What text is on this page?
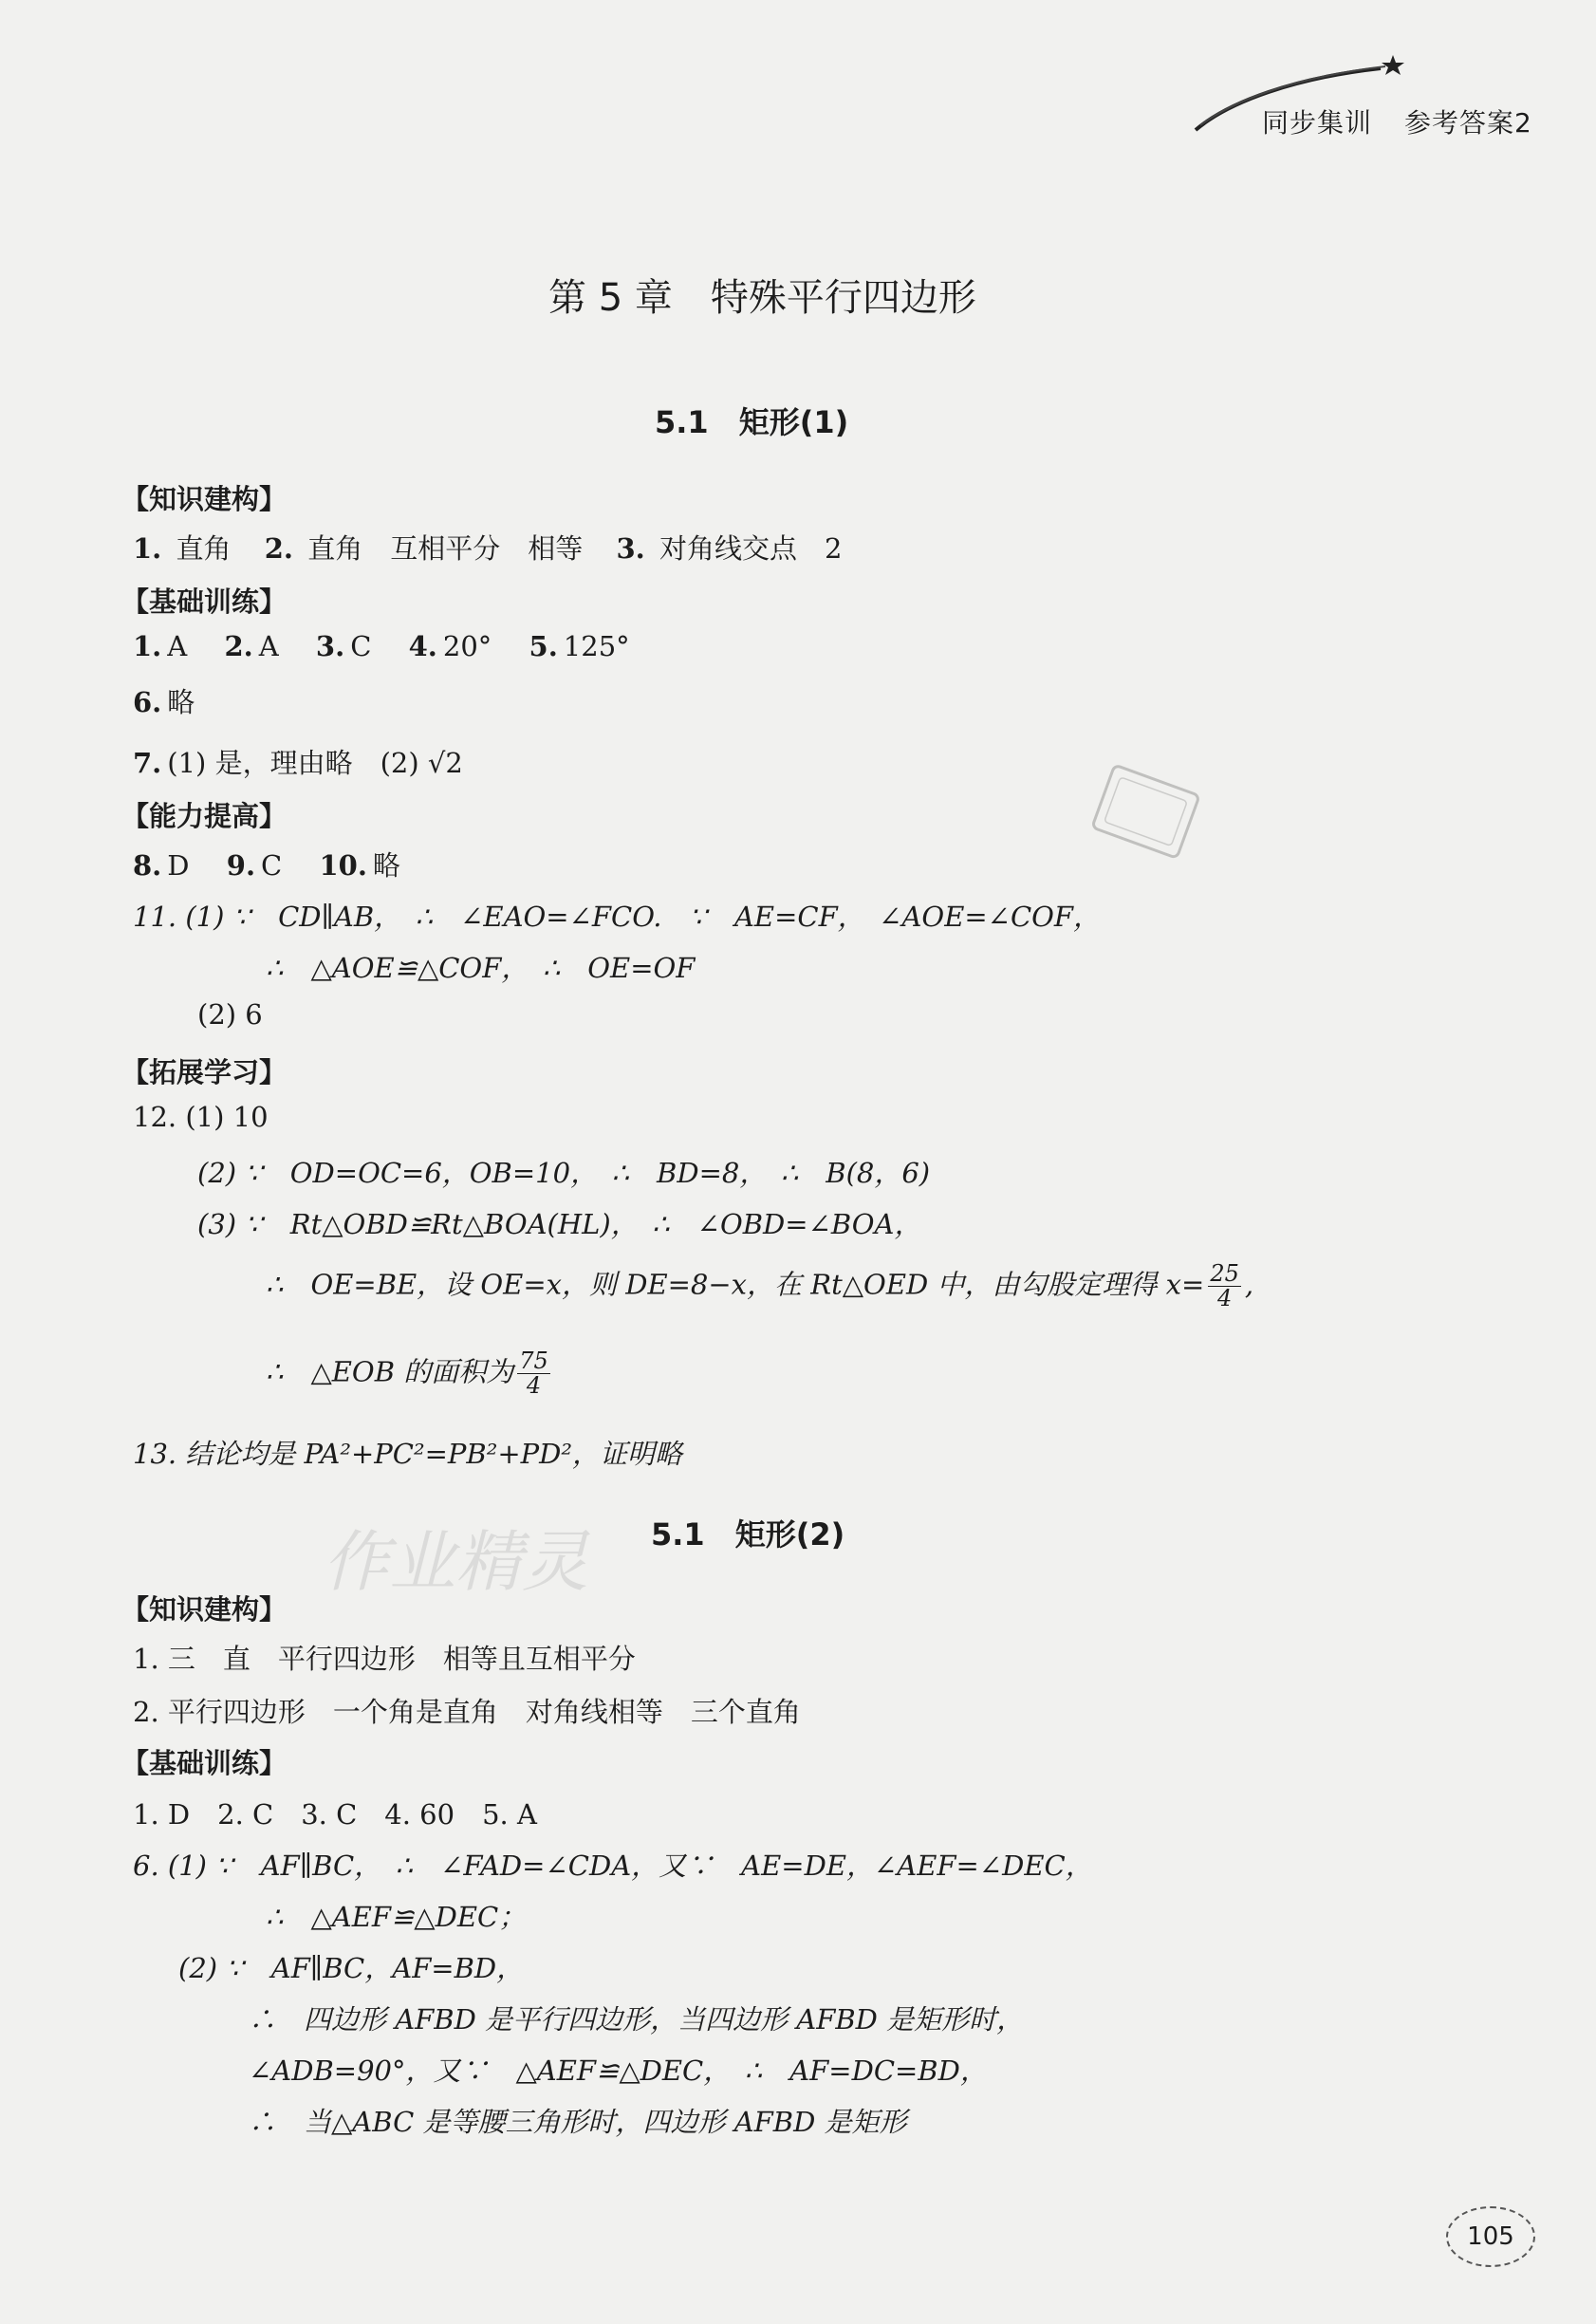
同步集训 参考答案2
第 5 章　特殊平行四边形
5.1　矩形(1)
【知识建构】
1. 直角 2. 直角　互相平分　相等 3. 对角线交点　2
【基础训练】
1. A 2. A 3. C 4. 20° 5. 125°
6. 略
7. (1) 是，理由略　(2) √2
【能力提高】
8. D 9. C 10. 略
11. (1) ∵　CD∥AB，　∴　∠EAO=∠FCO.　∵　AE=CF，　∠AOE=∠COF，
∴　△AOE≌△COF，　∴　OE=OF
(2) 6
【拓展学习】
12. (1) 10
(2) ∵　OD=OC=6，OB=10，　∴　BD=8，　∴　B(8，6)
(3) ∵　Rt△OBD≌Rt△BOA(HL)，　∴　∠OBD=∠BOA，
∴　OE=BE，设 OE=x，则 DE=8−x，在 Rt△OED 中，由勾股定理得 $x= \frac{25}{4}$ ,
∴　△EOB 的面积为 $\frac{75}{4}$
13. 结论均是 PA²+PC²=PB²+PD²，证明略
5.1　矩形(2)
【知识建构】
1. 三　直　平行四边形　相等且互相平分
2. 平行四边形　一个角是直角　对角线相等　三个直角
【基础训练】
1. D　2. C　3. C　4. 60　5. A
6. (1) ∵　AF∥BC，　∴　∠FAD=∠CDA，又∵　AE=DE，∠AEF=∠DEC，
∴　△AEF≌△DEC；
(2) ∵　AF∥BC，AF=BD，
∴　四边形 AFBD 是平行四边形，当四边形 AFBD 是矩形时，
∠ADB=90°，又∵　△AEF≌△DEC，　∴　AF=DC=BD，
∴　当△ABC 是等腰三角形时，四边形 AFBD 是矩形
作业精灵
105
